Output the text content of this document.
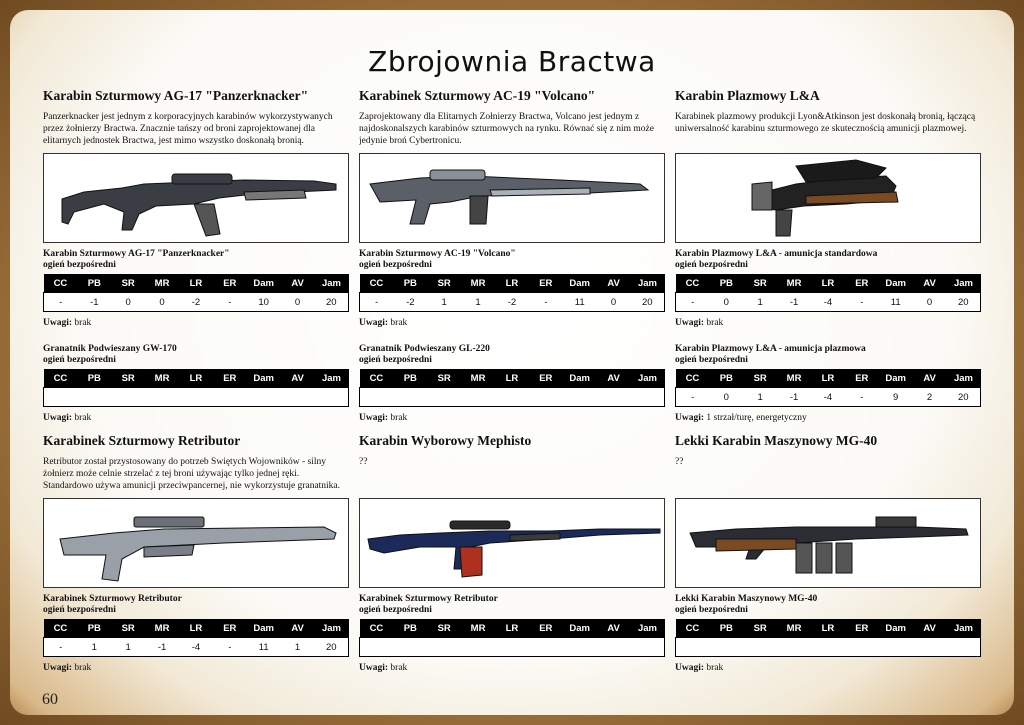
Zbrojownia Bractwa
Karabin Szturmowy AG-17 "Panzerknacker"
Panzerknacker jest jednym z korporacyjnych karabinów wykorzystywanych przez żołnierzy Bractwa. Znacznie tańszy od broni zaprojektowanej dla elitarnych jednostek Bractwa, jest mimo wszystko doskonałą bronią.
Karabin Szturmowy AG-17 "Panzerknacker"
ogień bezpośredni
CC	PB	SR	MR	LR	ER	Dam	AV	Jam
-	-1	0	0	-2	-	10	0	20
Uwagi: brak
Granatnik Podwieszany GW-170
ogień bezpośredni
CC	PB	SR	MR	LR	ER	Dam	AV	Jam

Uwagi: brak
Karabinek Szturmowy Retributor
Retributor został przystosowany do potrzeb Świętych Wojowników - silny żołnierz może celnie strzelać z tej broni używając tylko jednej ręki. Standardowo używa amunicji przeciwpancernej, nie wykorzystuje granatnika.
Karabinek Szturmowy Retributor
ogień bezpośredni
CC	PB	SR	MR	LR	ER	Dam	AV	Jam
-	1	1	-1	-4	-	11	1	20
Uwagi: brak
Karabinek Szturmowy AC-19 "Volcano"
Zaprojektowany dla Elitarnych Żołnierzy Bractwa, Volcano jest jednym z najdoskonalszych karabinów szturmowych na rynku. Równać się z nim może jedynie broń Cybertronicu.
Karabin Szturmowy AC-19 "Volcano"
ogień bezpośredni
CC	PB	SR	MR	LR	ER	Dam	AV	Jam
-	-2	1	1	-2	-	11	0	20
Uwagi: brak
Granatnik Podwieszany GL-220
ogień bezpośredni
CC	PB	SR	MR	LR	ER	Dam	AV	Jam

Uwagi: brak
Karabin Wyborowy Mephisto
??
Karabinek Szturmowy Retributor
ogień bezpośredni
CC	PB	SR	MR	LR	ER	Dam	AV	Jam

Uwagi: brak
Karabin Plazmowy L&A
Karabinek plazmowy produkcji Lyon&Atkinson jest doskonałą bronią, łączącą uniwersalność karabinu szturmowego ze skutecznością amunicji plazmowej.
Karabin Plazmowy L&A - amunicja standardowa
ogień bezpośredni
CC	PB	SR	MR	LR	ER	Dam	AV	Jam
-	0	1	-1	-4	-	11	0	20
Uwagi: brak
Karabin Plazmowy L&A - amunicja plazmowa
ogień bezpośredni
CC	PB	SR	MR	LR	ER	Dam	AV	Jam
-	0	1	-1	-4	-	9	2	20
Uwagi: 1 strzał/turę, energetyczny
Lekki Karabin Maszynowy MG-40
??
Lekki Karabin Maszynowy MG-40
ogień bezpośredni
CC	PB	SR	MR	LR	ER	Dam	AV	Jam

Uwagi: brak
60
